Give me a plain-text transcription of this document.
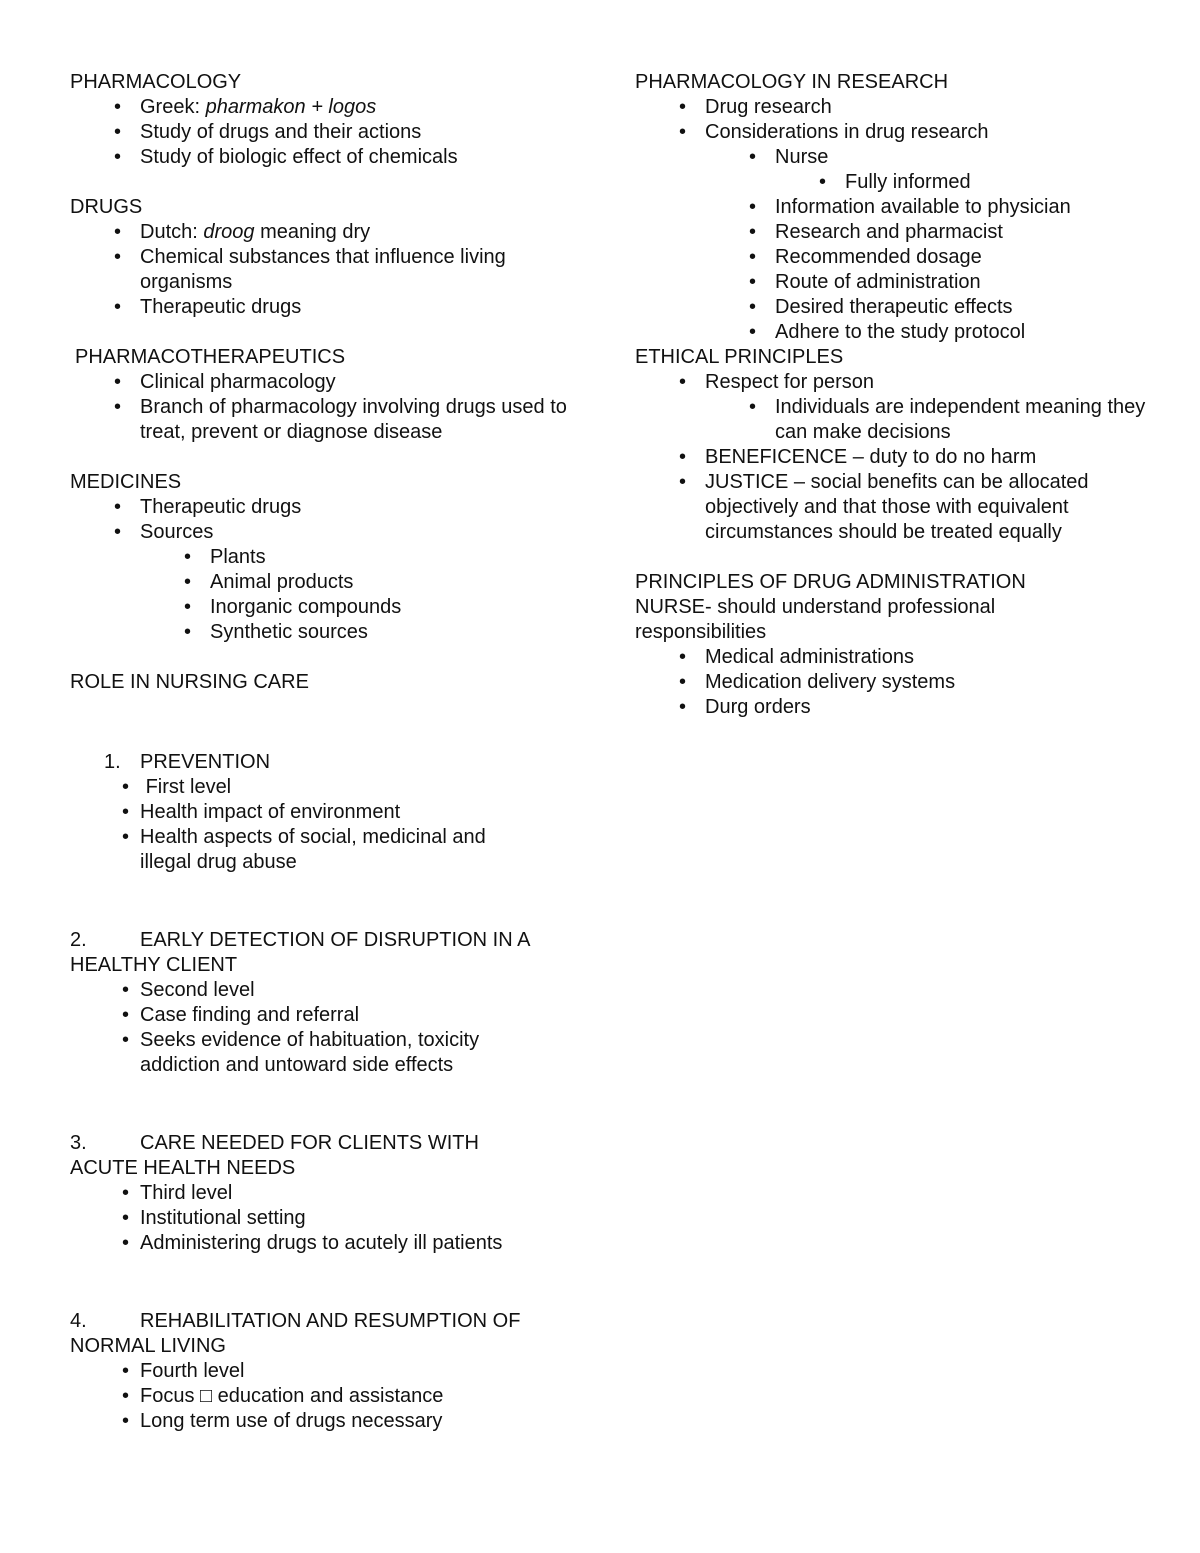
PHARMACOLOGY

• Greek: pharmakon + logos
• Study of drugs and their actions
• Study of biologic effect of chemicals

DRUGS

• Dutch: droog meaning dry
• Chemical substances that influence living organisms
• Therapeutic drugs

PHARMACOTHERAPEUTICS

• Clinical pharmacology
• Branch of pharmacology involving drugs used to treat, prevent or diagnose disease

MEDICINES

• Therapeutic drugs
• Sources
• Plants
• Animal products
• Inorganic compounds
• Synthetic sources

ROLE IN NURSING CARE

1. PREVENTION

• First level
• Health impact of environment
• Health aspects of social, medicinal and illegal drug abuse

2.	EARLY DETECTION OF DISRUPTION IN A HEALTHY CLIENT

• Second level
• Case finding and referral
• Seeks evidence of habituation, toxicity addiction and untoward side effects

3.	CARE NEEDED FOR CLIENTS WITH ACUTE HEALTH NEEDS

• Third level
• Institutional setting
• Administering drugs to acutely ill patients

4.	REHABILITATION AND RESUMPTION OF NORMAL LIVING

• Fourth level
• Focus □ education and assistance
• Long term use of drugs necessary

PHARMACOLOGY IN RESEARCH

• Drug research
• Considerations in drug research
• Nurse
• Fully informed
• Information available to physician
• Research and pharmacist
• Recommended dosage
• Route of administration
• Desired therapeutic effects
• Adhere to the study protocol

ETHICAL PRINCIPLES

• Respect for person
• Individuals are independent meaning they can make decisions
• BENEFICENCE – duty to do no harm
• JUSTICE – social benefits can be allocated objectively and that those with equivalent circumstances should be treated equally

PRINCIPLES OF DRUG ADMINISTRATION

NURSE- should understand professional responsibilities

• Medical administrations
• Medication delivery systems
• Durg orders
